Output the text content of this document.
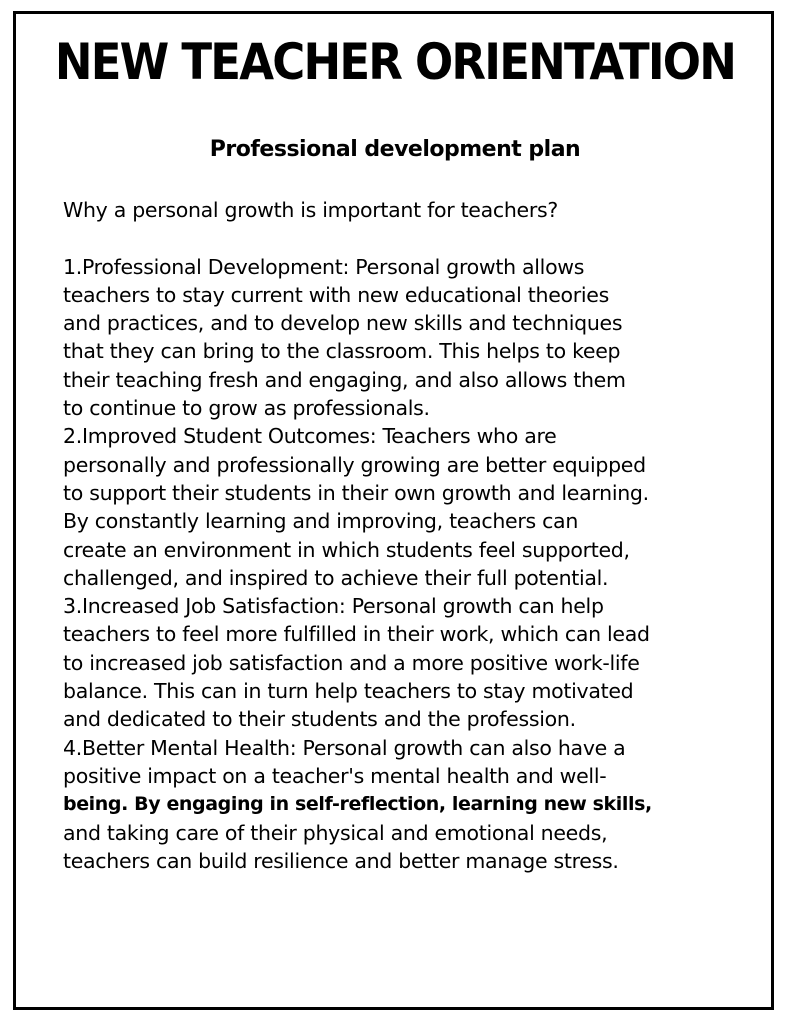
NEW TEACHER ORIENTATION
Professional development plan
Why a personal growth is important for teachers?
1.Professional Development: Personal growth allows
teachers to stay current with new educational theories
and practices, and to develop new skills and techniques
that they can bring to the classroom. This helps to keep
their teaching fresh and engaging, and also allows them
to continue to grow as professionals.
2.Improved Student Outcomes: Teachers who are
personally and professionally growing are better equipped
to support their students in their own growth and learning.
By constantly learning and improving, teachers can
create an environment in which students feel supported,
challenged, and inspired to achieve their full potential.
3.Increased Job Satisfaction: Personal growth can help
teachers to feel more fulfilled in their work, which can lead
to increased job satisfaction and a more positive work-life
balance. This can in turn help teachers to stay motivated
and dedicated to their students and the profession.
4.Better Mental Health: Personal growth can also have a
positive impact on a teacher's mental health and well-
being. By engaging in self-reflection, learning new skills,
and taking care of their physical and emotional needs,
teachers can build resilience and better manage stress.
